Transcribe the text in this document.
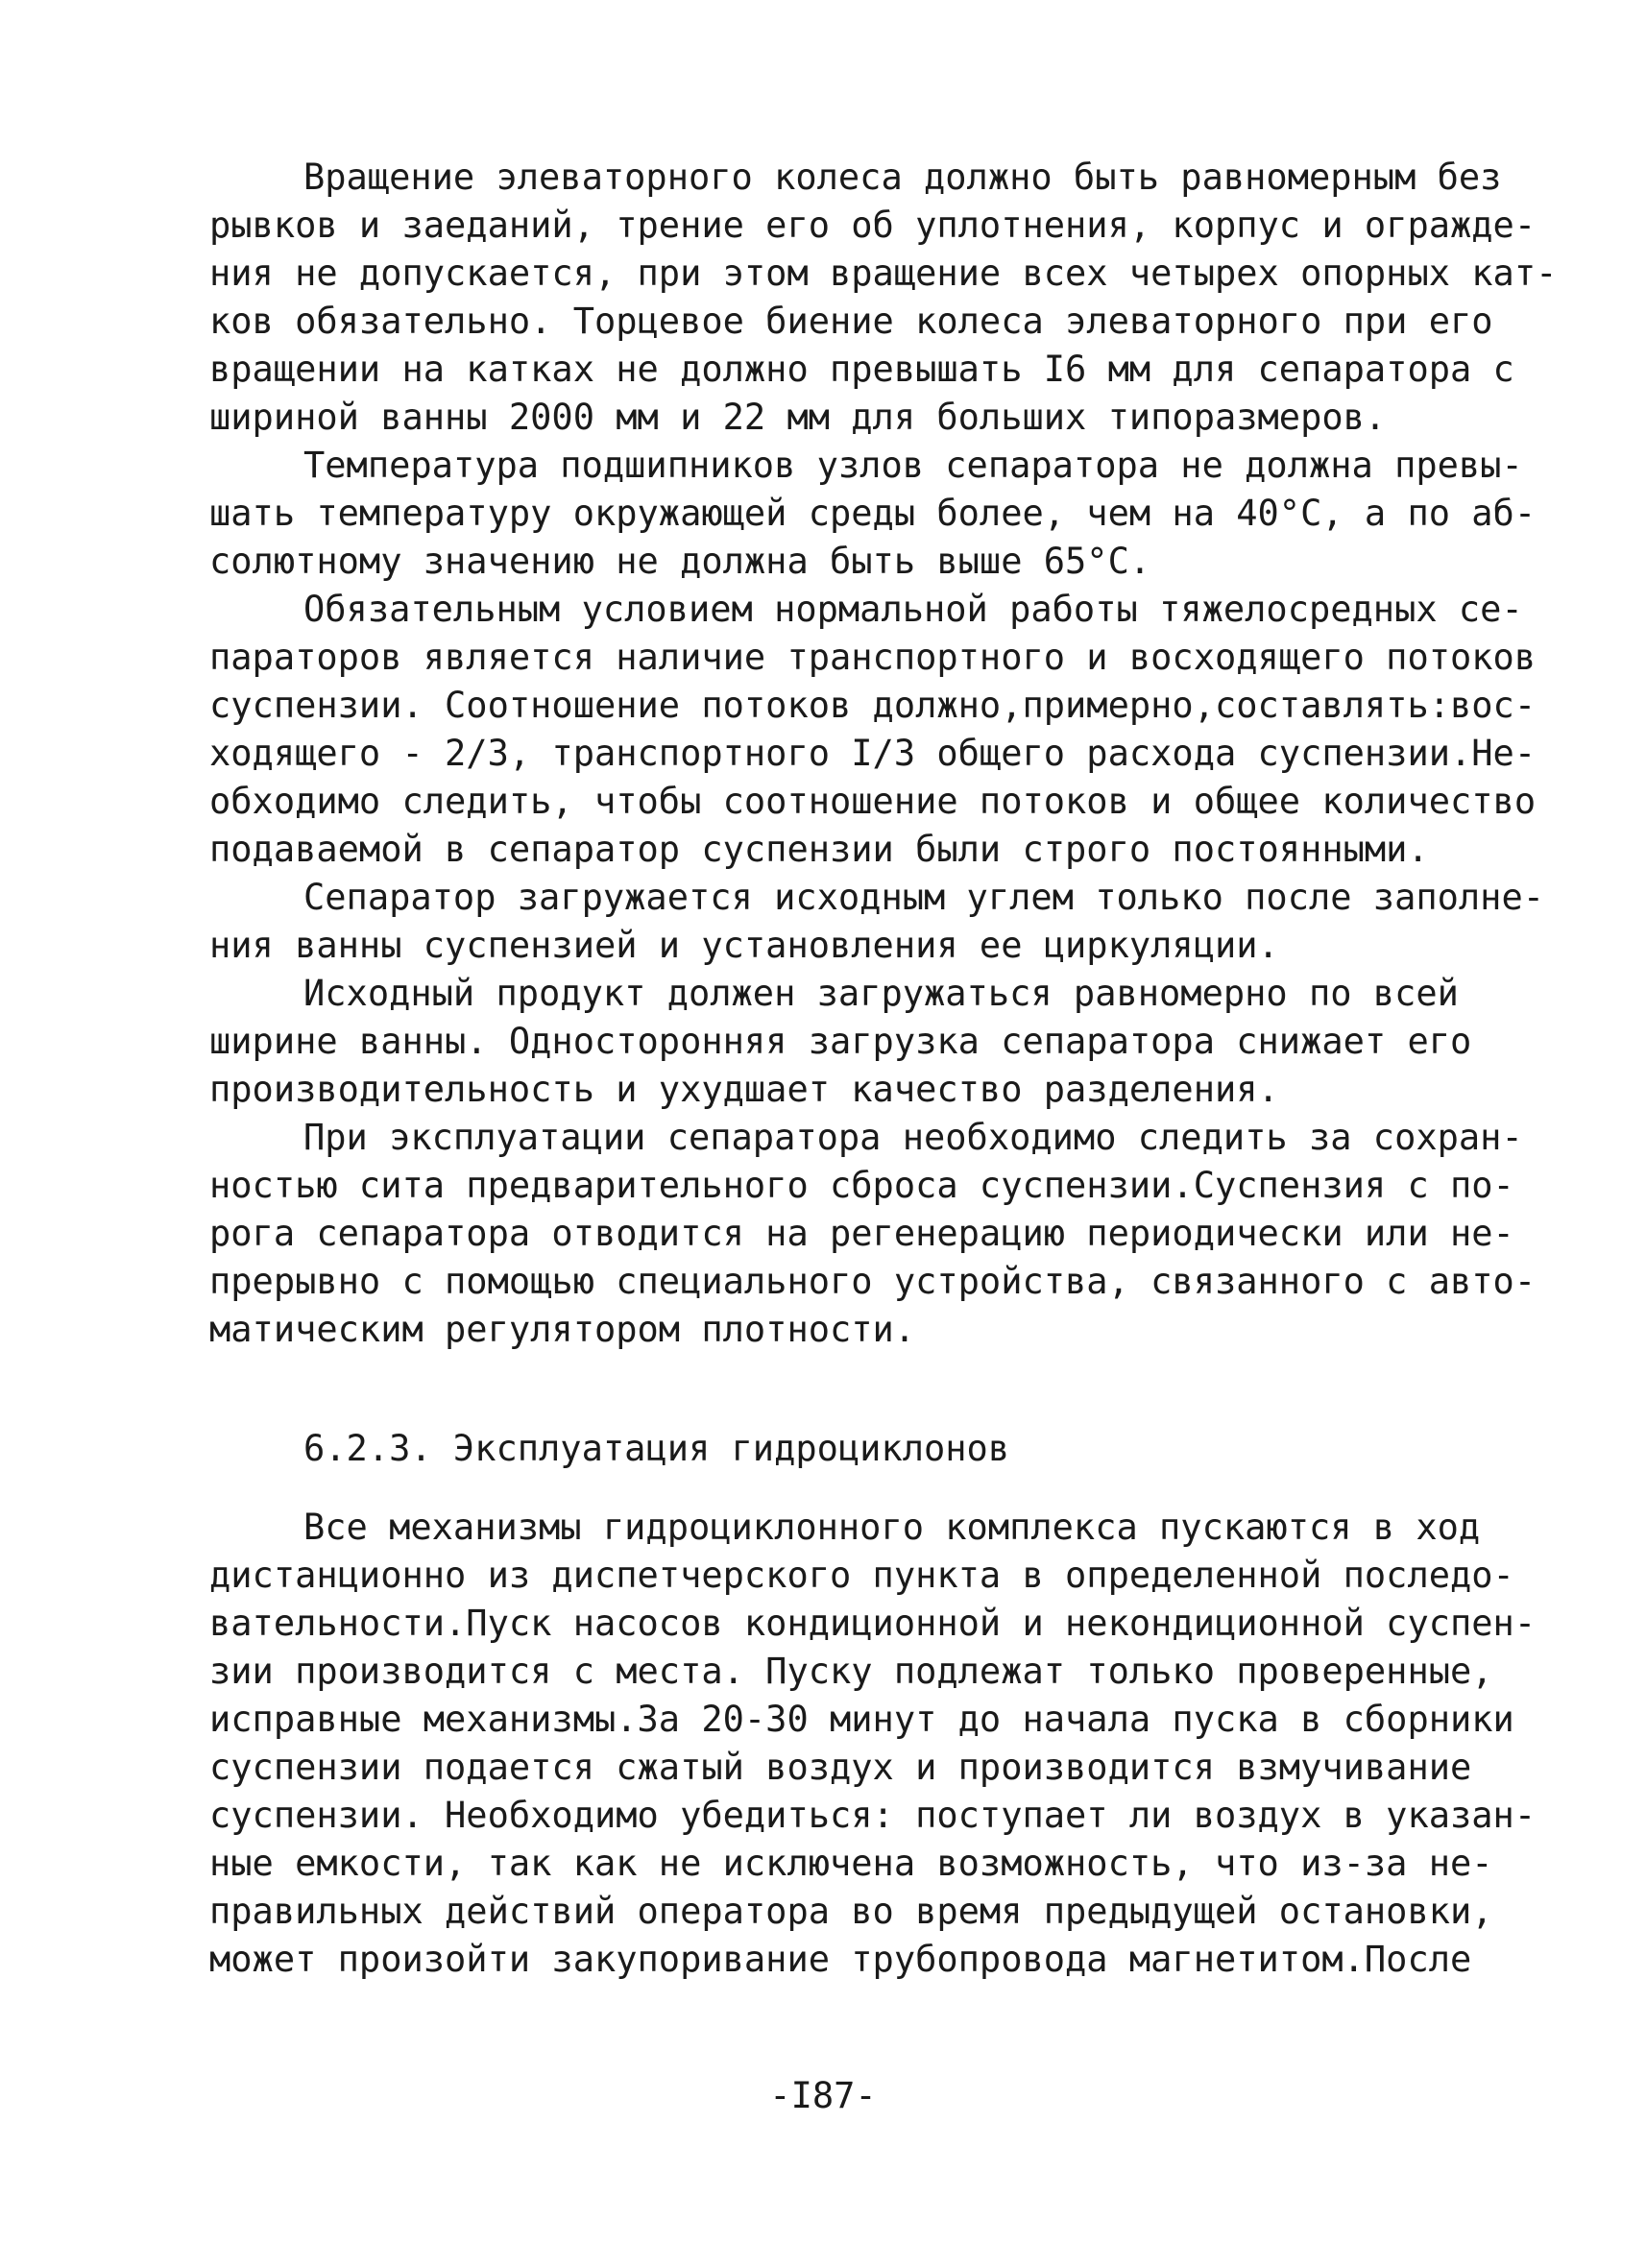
Вращение элеваторного колеса должно быть равномерным без
рывков и заеданий, трение его об уплотнения, корпус и огражде-
ния не допускается, при этом вращение всех четырех опорных кат-
ков обязательно. Торцевое биение колеса элеваторного при его
вращении на катках не должно превышать I6 мм для сепаратора с
шириной ванны 2000 мм и 22 мм для больших типоразмеров.
Температура подшипников узлов сепаратора не должна превы-
шать температуру окружающей среды более, чем на 40°С, а по аб-
солютному значению не должна быть выше 65°С.
Обязательным условием нормальной работы тяжелосредных се-
параторов является наличие транспортного и восходящего потоков
суспензии. Соотношение потоков должно,примерно,составлять:вос-
ходящего - 2/3, транспортного I/3 общего расхода суспензии.Не-
обходимо следить, чтобы соотношение потоков и общее количество
подаваемой в сепаратор суспензии были строго постоянными.
Сепаратор загружается исходным углем только после заполне-
ния ванны суспензией и установления ее циркуляции.
Исходный продукт должен загружаться равномерно по всей
ширине ванны. Односторонняя загрузка сепаратора снижает его
производительность и ухудшает качество разделения.
При эксплуатации сепаратора необходимо следить за сохран-
ностью сита предварительного сброса суспензии.Суспензия с по-
рога сепаратора отводится на регенерацию периодически или не-
прерывно с помощью специального устройства, связанного с авто-
матическим регулятором плотности.
6.2.3. Эксплуатация гидроциклонов
Все механизмы гидроциклонного комплекса пускаются в ход
дистанционно из диспетчерского пункта в определенной последо-
вательности.Пуск насосов кондиционной и некондиционной суспен-
зии производится с места. Пуску подлежат только проверенные,
исправные механизмы.За 20-30 минут до начала пуска в сборники
суспензии подается сжатый воздух и производится взмучивание
суспензии. Необходимо убедиться: поступает ли воздух в указан-
ные емкости, так как не исключена возможность, что из-за не-
правильных действий оператора во время предыдущей остановки,
может произойти закупоривание трубопровода магнетитом.После
-I87-
